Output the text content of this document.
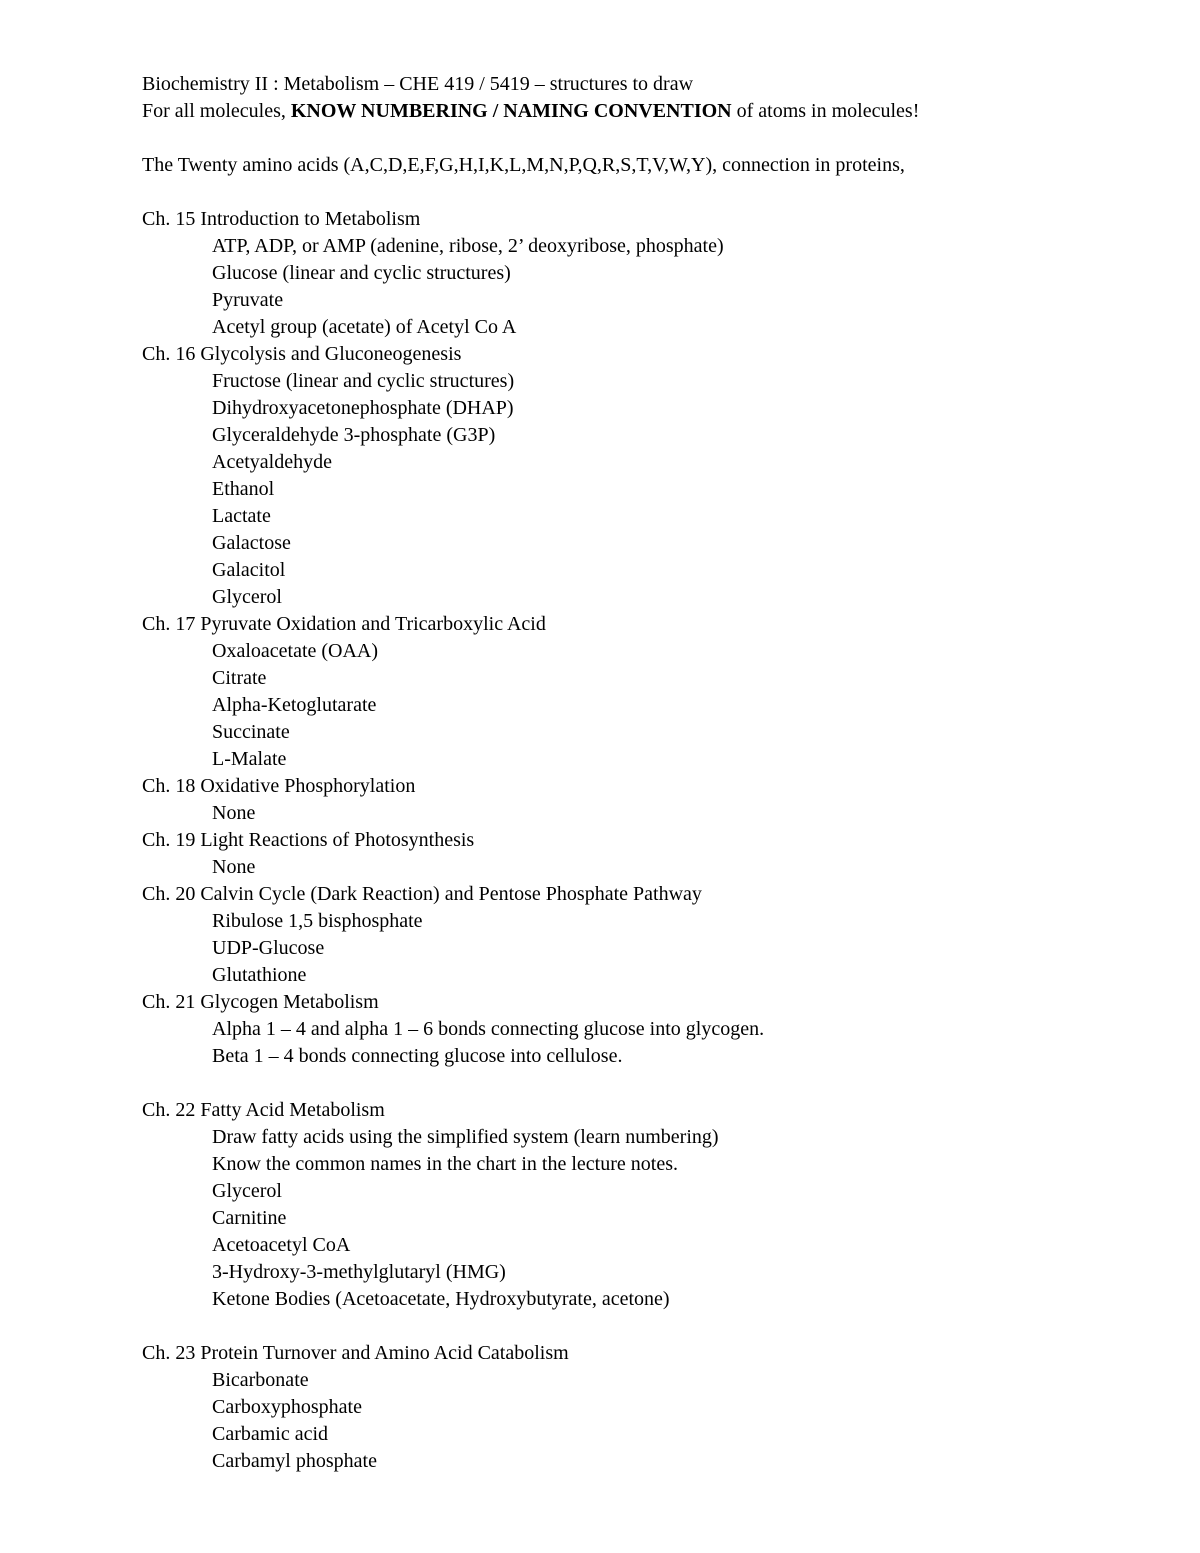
Biochemistry II : Metabolism – CHE 419 / 5419 – structures to draw
For all molecules, KNOW NUMBERING / NAMING CONVENTION of atoms in molecules!
The Twenty amino acids (A,C,D,E,F,G,H,I,K,L,M,N,P,Q,R,S,T,V,W,Y), connection in proteins,
Ch. 15 Introduction to Metabolism
ATP, ADP, or AMP (adenine, ribose, 2’ deoxyribose, phosphate)
Glucose (linear and cyclic structures)
Pyruvate
Acetyl group (acetate) of Acetyl Co A
Ch. 16 Glycolysis and Gluconeogenesis
Fructose (linear and cyclic structures)
Dihydroxyacetonephosphate (DHAP)
Glyceraldehyde 3-phosphate (G3P)
Acetyaldehyde
Ethanol
Lactate
Galactose
Galacitol
Glycerol
Ch. 17 Pyruvate Oxidation and Tricarboxylic Acid
Oxaloacetate (OAA)
Citrate
Alpha-Ketoglutarate
Succinate
L-Malate
Ch. 18 Oxidative Phosphorylation
None
Ch. 19 Light Reactions of Photosynthesis
None
Ch. 20 Calvin Cycle (Dark Reaction) and Pentose Phosphate Pathway
Ribulose 1,5 bisphosphate
UDP-Glucose
Glutathione
Ch. 21 Glycogen Metabolism
Alpha 1 – 4 and alpha 1 – 6 bonds connecting glucose into glycogen.
Beta 1 – 4 bonds connecting glucose into cellulose.
Ch. 22 Fatty Acid Metabolism
Draw fatty acids using the simplified system (learn numbering)
Know the common names in the chart in the lecture notes.
Glycerol
Carnitine
Acetoacetyl CoA
3-Hydroxy-3-methylglutaryl (HMG)
Ketone Bodies (Acetoacetate, Hydroxybutyrate, acetone)
Ch. 23 Protein Turnover and Amino Acid Catabolism
Bicarbonate
Carboxyphosphate
Carbamic acid
Carbamyl phosphate
